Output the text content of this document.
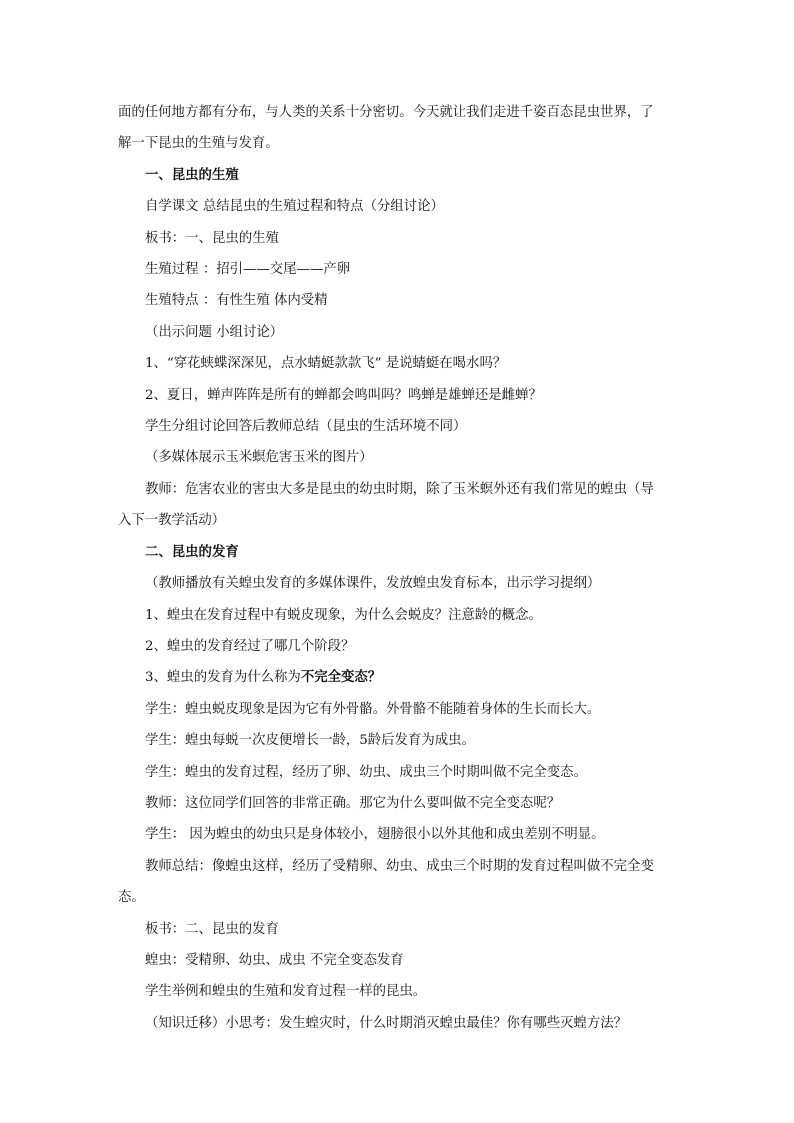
面的任何地方都有分布，与人类的关系十分密切。今天就让我们走进千姿百态昆虫世界，了

解一下昆虫的生殖与发育。

一、昆虫的生殖

自学课文 总结昆虫的生殖过程和特点（分组讨论）

板书：一、昆虫的生殖

生殖过程 ：招引——交尾——产卵

生殖特点 ：有性生殖 体内受精

（出示问题 小组讨论）

1、“穿花蛱蝶深深见，点水蜻蜓款款飞” 是说蜻蜓在喝水吗？

2、夏日，蝉声阵阵是所有的蝉都会鸣叫吗？鸣蝉是雄蝉还是雌蝉？

学生分组讨论回答后教师总结（昆虫的生活环境不同）

（多媒体展示玉米螟危害玉米的图片）

教师：危害农业的害虫大多是昆虫的幼虫时期，除了玉米螟外还有我们常见的蝗虫（导

入下一教学活动）

二、昆虫的发育

（教师播放有关蝗虫发育的多媒体课件，发放蝗虫发育标本，出示学习提纲）

1、蝗虫在发育过程中有蜕皮现象，为什么会蜕皮？注意龄的概念。

2、蝗虫的发育经过了哪几个阶段？

3、蝗虫的发育为什么称为不完全变态？

学生：蝗虫蜕皮现象是因为它有外骨骼。外骨骼不能随着身体的生长而长大。

学生：蝗虫每蜕一次皮便增长一龄，5龄后发育为成虫。

学生：蝗虫的发育过程，经历了卵、幼虫、成虫三个时期叫做不完全变态。

教师：这位同学们回答的非常正确。那它为什么要叫做不完全变态呢？

学生： 因为蝗虫的幼虫只是身体较小，翅膀很小以外其他和成虫差别不明显。

教师总结：像蝗虫这样，经历了受精卵、幼虫、成虫三个时期的发育过程叫做不完全变

态。

板书：二、昆虫的发育

蝗虫：受精卵、幼虫、成虫 不完全变态发育

学生举例和蝗虫的生殖和发育过程一样的昆虫。

（知识迁移）小思考：发生蝗灾时，什么时期消灭蝗虫最佳？你有哪些灭蝗方法？
